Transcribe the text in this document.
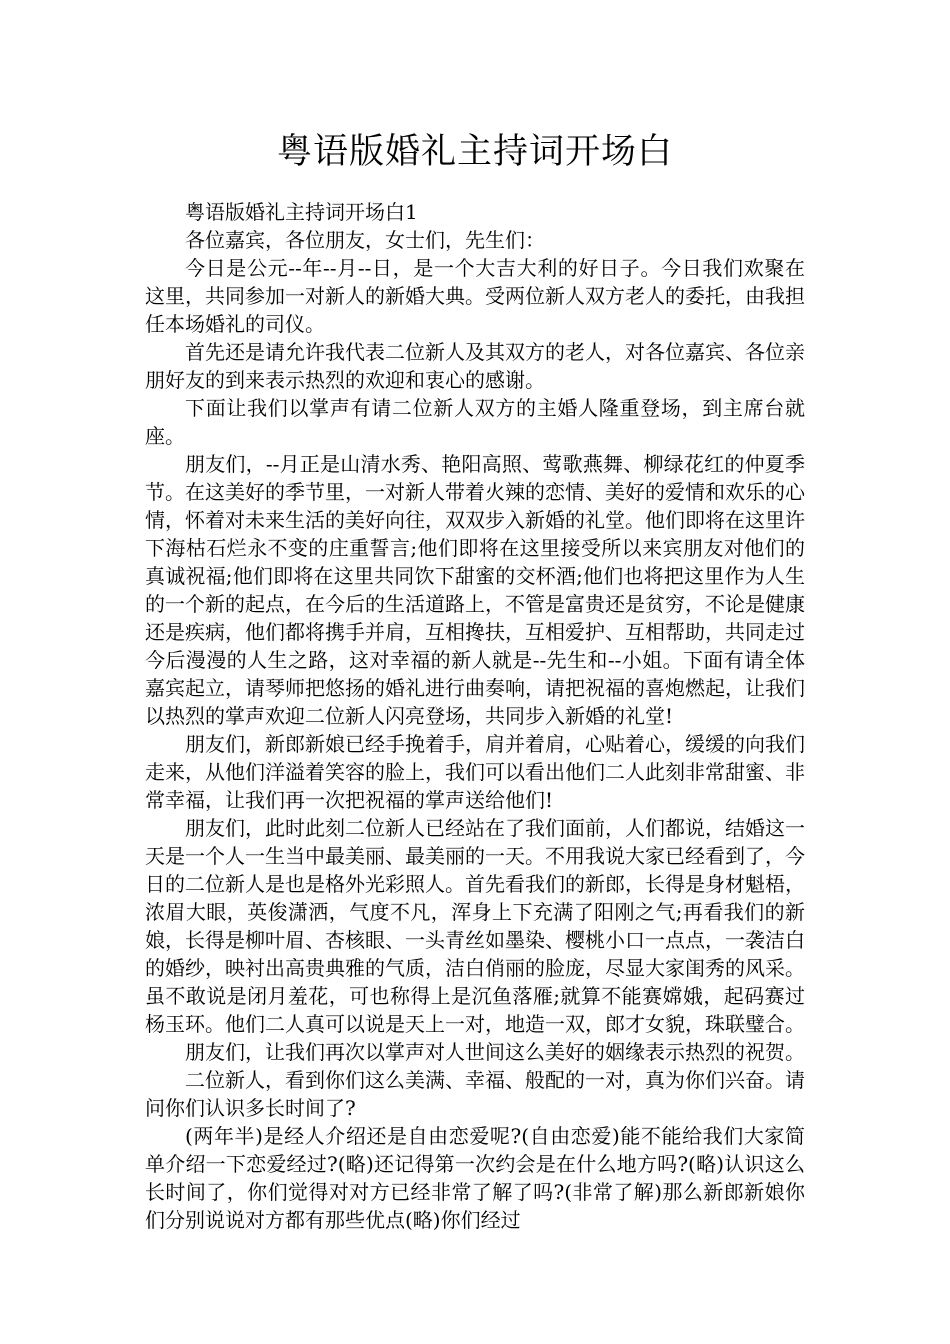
粤语版婚礼主持词开场白

粤语版婚礼主持词开场白1

各位嘉宾，各位朋友，女士们，先生们：

今日是公元--年--月--日，是一个大吉大利的好日子。今日我们欢聚在这里，共同参加一对新人的新婚大典。受两位新人双方老人的委托，由我担任本场婚礼的司仪。

首先还是请允许我代表二位新人及其双方的老人，对各位嘉宾、各位亲朋好友的到来表示热烈的欢迎和衷心的感谢。

下面让我们以掌声有请二位新人双方的主婚人隆重登场，到主席台就座。

朋友们，--月正是山清水秀、艳阳高照、莺歌燕舞、柳绿花红的仲夏季节。在这美好的季节里，一对新人带着火辣的恋情、美好的爱情和欢乐的心情，怀着对未来生活的美好向往，双双步入新婚的礼堂。他们即将在这里许下海枯石烂永不变的庄重誓言;他们即将在这里接受所以来宾朋友对他们的真诚祝福;他们即将在这里共同饮下甜蜜的交杯酒;他们也将把这里作为人生的一个新的起点，在今后的生活道路上，不管是富贵还是贫穷，不论是健康还是疾病，他们都将携手并肩，互相搀扶，互相爱护、互相帮助，共同走过今后漫漫的人生之路，这对幸福的新人就是--先生和--小姐。下面有请全体嘉宾起立，请琴师把悠扬的婚礼进行曲奏响，请把祝福的喜炮燃起，让我们以热烈的掌声欢迎二位新人闪亮登场，共同步入新婚的礼堂!

朋友们，新郎新娘已经手挽着手，肩并着肩，心贴着心，缓缓的向我们走来，从他们洋溢着笑容的脸上，我们可以看出他们二人此刻非常甜蜜、非常幸福，让我们再一次把祝福的掌声送给他们!

朋友们，此时此刻二位新人已经站在了我们面前，人们都说，结婚这一天是一个人一生当中最美丽、最美丽的一天。不用我说大家已经看到了，今日的二位新人是也是格外光彩照人。首先看我们的新郎，长得是身材魁梧，浓眉大眼，英俊潇洒，气度不凡，浑身上下充满了阳刚之气;再看我们的新娘，长得是柳叶眉、杏核眼、一头青丝如墨染、樱桃小口一点点，一袭洁白的婚纱，映衬出高贵典雅的气质，洁白俏丽的脸庞，尽显大家闺秀的风采。虽不敢说是闭月羞花，可也称得上是沉鱼落雁;就算不能赛嫦娥，起码赛过杨玉环。他们二人真可以说是天上一对，地造一双，郎才女貌，珠联璧合。

朋友们，让我们再次以掌声对人世间这么美好的姻缘表示热烈的祝贺。

二位新人，看到你们这么美满、幸福、般配的一对，真为你们兴奋。请问你们认识多长时间了?

(两年半)是经人介绍还是自由恋爱呢?(自由恋爱)能不能给我们大家简单介绍一下恋爱经过?(略)还记得第一次约会是在什么地方吗?(略)认识这么长时间了，你们觉得对对方已经非常了解了吗?(非常了解)那么新郎新娘你们分别说说对方都有那些优点(略)你们经过
